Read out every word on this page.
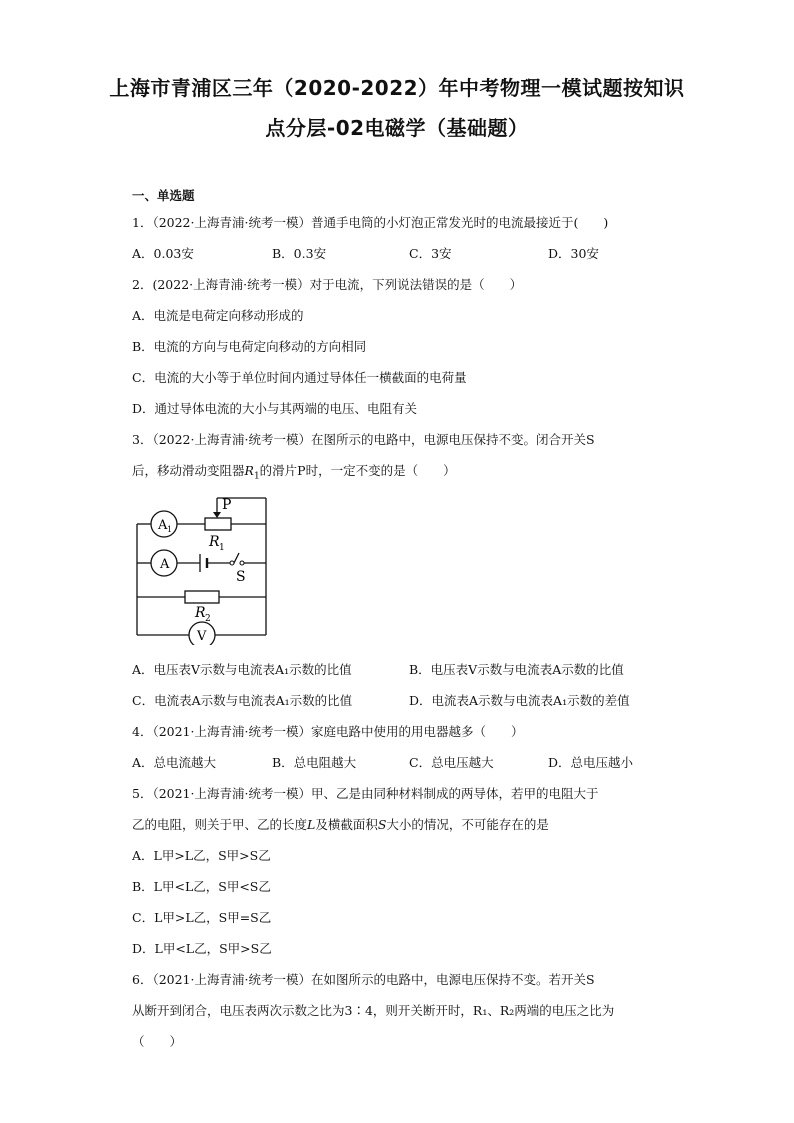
上海市青浦区三年（2020-2022）年中考物理一模试题按知识
点分层-02电磁学（基础题）
一、单选题
1．（2022·上海青浦·统考一模）普通手电筒的小灯泡正常发光时的电流最接近于(　　)
A．0.03安	B．0.3安	C．3安	D．30安
2．(2022·上海青浦·统考一模）对于电流，下列说法错误的是（　　）
A．电流是电荷定向移动形成的
B．电流的方向与电荷定向移动的方向相同
C．电流的大小等于单位时间内通过导体任一横截面的电荷量
D．通过导体电流的大小与其两端的电压、电阻有关
3．（2022·上海青浦·统考一模）在图所示的电路中，电源电压保持不变。闭合开关S
后，移动滑动变阻器$R_1$的滑片P时，一定不变的是（　　）
P
R 1
S
R 2
A 1
A
V
A．电压表V示数与电流表A₁示数的比值	B．电压表V示数与电流表A示数的比值
C．电流表A示数与电流表A₁示数的比值	D．电流表A示数与电流表A₁示数的差值
4．（2021·上海青浦·统考一模）家庭电路中使用的用电器越多（　　）
A．总电流越大	B．总电阻越大	C．总电压越大	D．总电压越小
5．（2021·上海青浦·统考一模）甲、乙是由同种材料制成的两导体，若甲的电阻大于
乙的电阻，则关于甲、乙的长度L及横截面积S大小的情况，不可能存在的是
A．L甲>L乙，S甲>S乙
B．L甲<L乙，S甲<S乙
C．L甲>L乙，S甲=S乙
D．L甲<L乙，S甲>S乙
6．（2021·上海青浦·统考一模）在如图所示的电路中，电源电压保持不变。若开关S
从断开到闭合，电压表两次示数之比为3∶4，则开关断开时，R₁、R₂两端的电压之比为
（　　）
